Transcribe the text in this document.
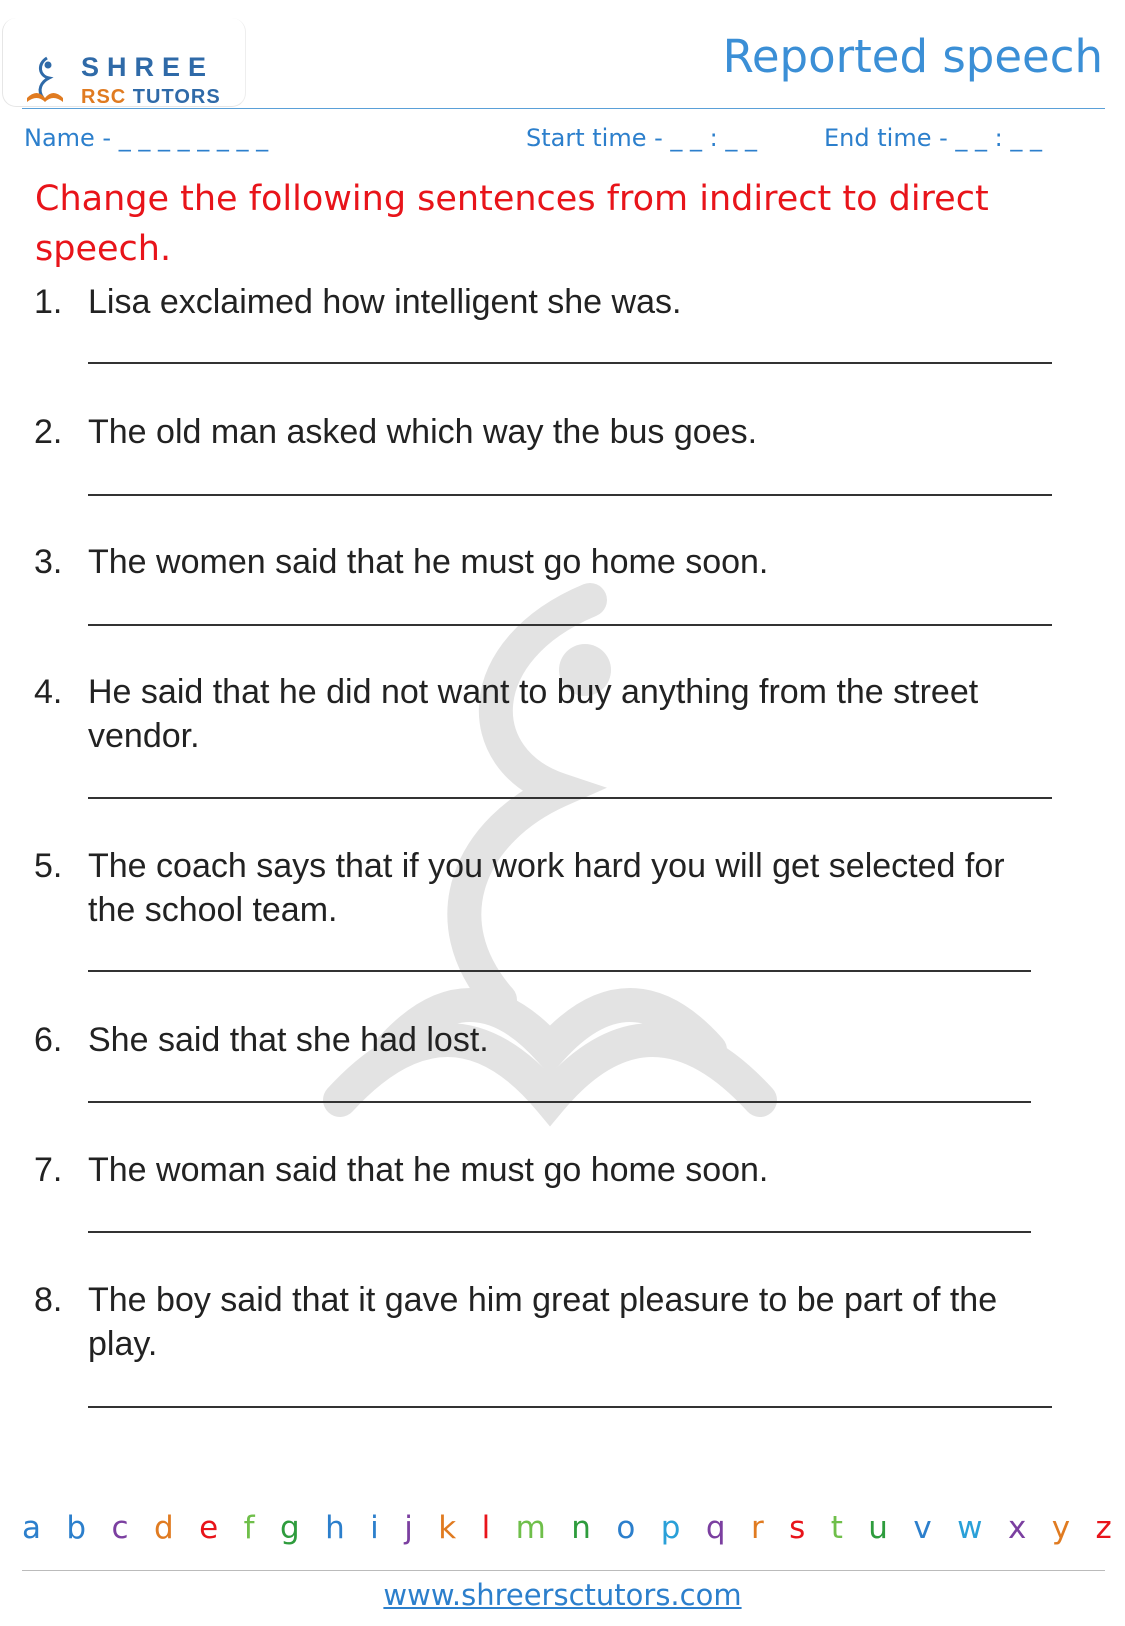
SHREE
RSC TUTORS
Reported speech
Name - _ _ _ _ _ _ _ _	Start time - _ _ : _ _	End time - _ _ : _ _
Change the following sentences from indirect to direct speech.
1. Lisa exclaimed how intelligent she was.
2. The old man asked which way the bus goes.
3. The women said that he must go home soon.
4. He said that he did not want to buy anything from the street vendor.
5. The coach says that if you work hard you will get selected for the school team.
6. She said that she had lost.
7. The woman said that he must go home soon.
8. The boy said that it gave him great pleasure to be part of the play.
a b c d e f g h i j k l m n o p q r s t u v w x y z
www.shreersctutors.com
